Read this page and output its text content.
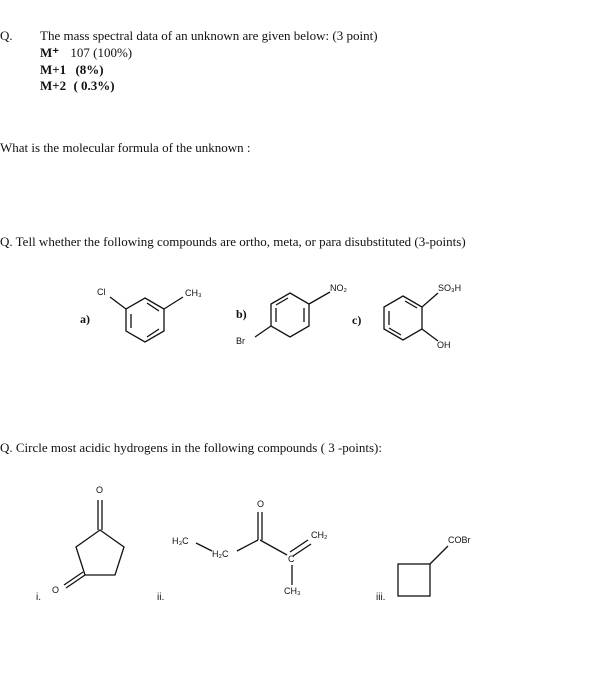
Q. The mass spectral data of an unknown are given below: (3 point)
M⁺ 107 (100%)
M+1 (8%)
M+2 ( 0.3%)
What is the molecular formula of the unknown :
Q. Tell whether the following compounds are ortho, meta, or para disubstituted (3-points)
a)
Cl	CH₃
b)
NO₂
Br
c)
SO₃H
OH
Q. Circle most acidic hydrogens in the following compounds ( 3 -points):
O
O
i.
O
H₃C
H₂C
CH₂
C
CH₃
ii.
COBr
iii.
